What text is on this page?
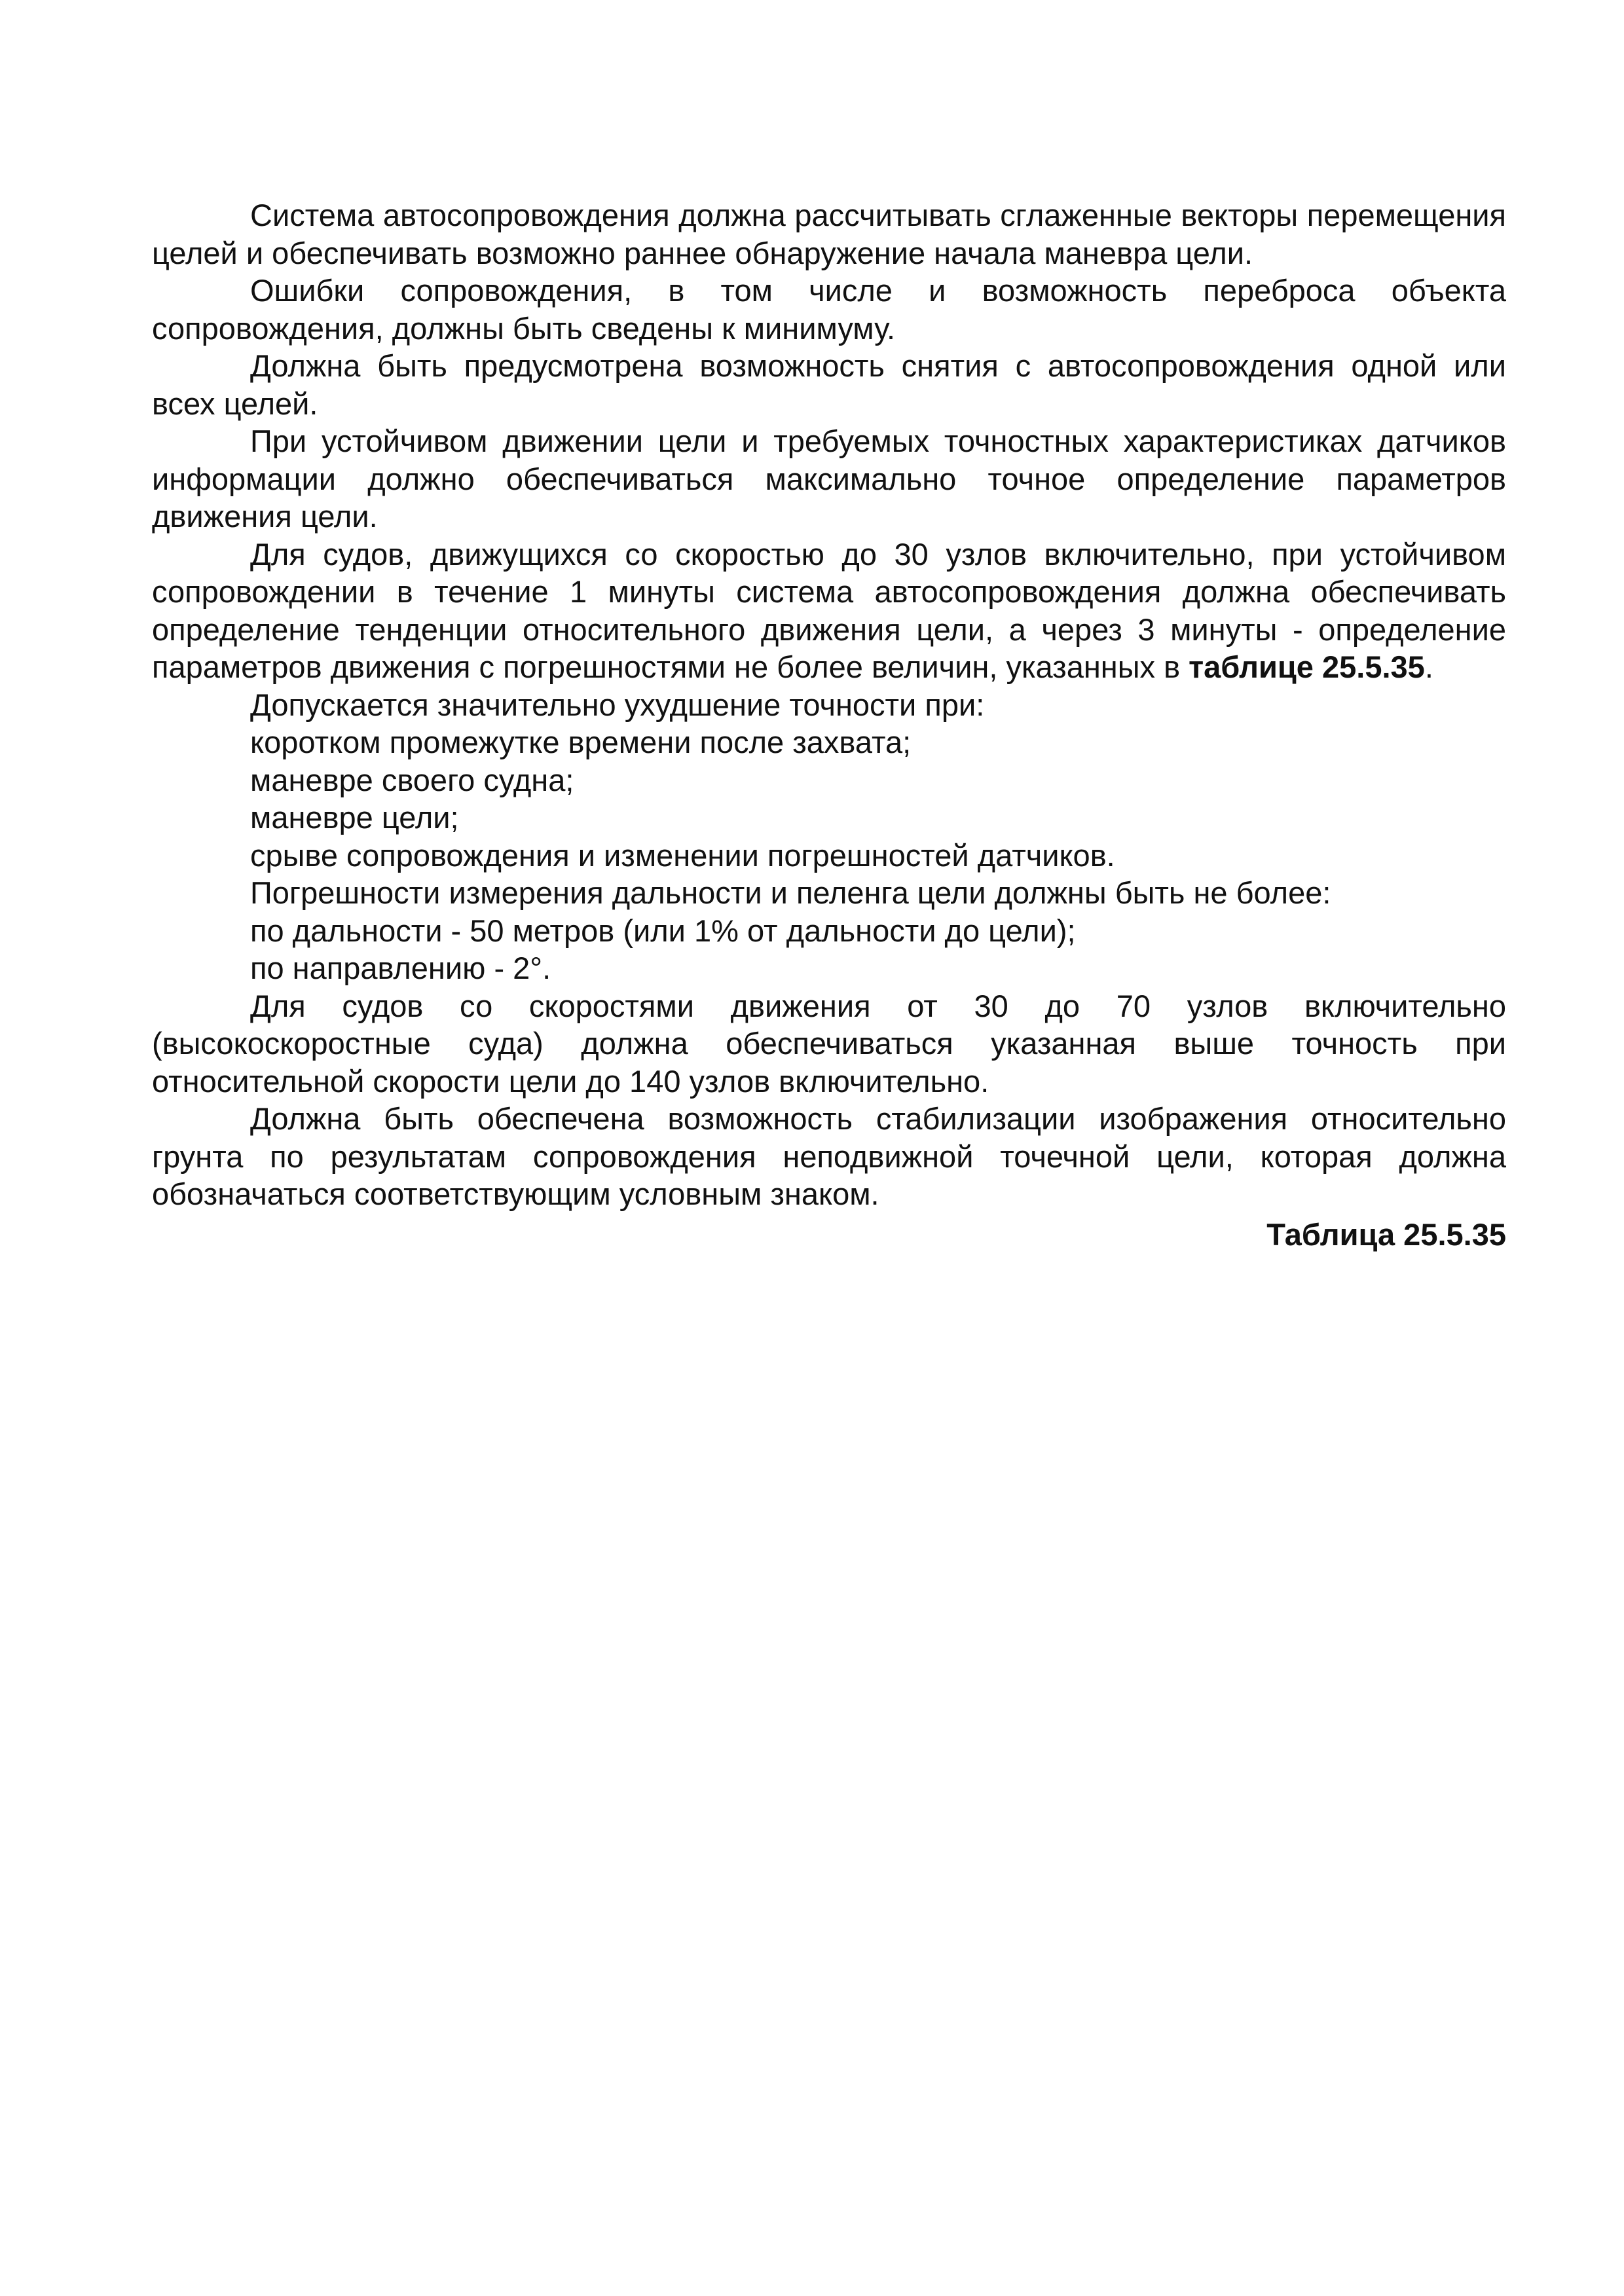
Система автосопровождения должна рассчитывать сглаженные векторы перемещения целей и обеспечивать возможно раннее обнаружение начала маневра цели.

Ошибки сопровождения, в том числе и возможность переброса объекта сопровождения, должны быть сведены к минимуму.

Должна быть предусмотрена возможность снятия с автосопровождения одной или всех целей.

При устойчивом движении цели и требуемых точностных характеристиках датчиков информации должно обеспечиваться максимально точное определение параметров движения цели.

Для судов, движущихся со скоростью до 30 узлов включительно, при устойчивом сопровождении в течение 1 минуты система автосопровождения должна обеспечивать определение тенденции относительного движения цели, а через 3 минуты - определение параметров движения с погрешностями не более величин, указанных в таблице 25.5.35.

Допускается значительно ухудшение точности при:

коротком промежутке времени после захвата;

маневре своего судна;

маневре цели;

срыве сопровождения и изменении погрешностей датчиков.

Погрешности измерения дальности и пеленга цели должны быть не более:

по дальности - 50 метров (или 1% от дальности до цели);

по направлению - 2°.

Для судов со скоростями движения от 30 до 70 узлов включительно (высокоскоростные суда) должна обеспечиваться указанная выше точность при относительной скорости цели до 140 узлов включительно.

Должна быть обеспечена возможность стабилизации изображения относительно грунта по результатам сопровождения неподвижной точечной цели, которая должна обозначаться соответствующим условным знаком.

Таблица 25.5.35
